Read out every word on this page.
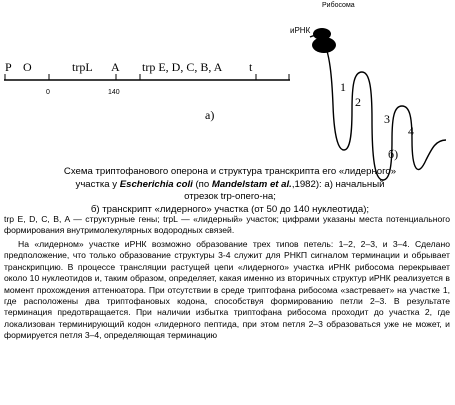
P O	trpL A trp E, D, C, B, A t
0	140
а)
Рибосома
иРНК
1
2
3
4
б)
Схема триптофанового оперона и структура транскрипта его «лидерного»
участка у Escherichia coli (по Mandelstam et al.,1982): а) начальный отрезок trp-опero-на;
б) транскрипт «лидерного» участка (от 50 до 140 нуклеотида);
trp E, D, C, B, A — структурные гены; trpL — «лидерный» участок; цифрами указаны места потенциального формирования внутримолекулярных водородных связей.
На «лидерном» участке иРНК возможно образование трех типов петель: 1–2, 2–3, и 3–4. Сделано предположение, что только образование структуры 3-4 служит для РНКП сигналом терминации и обрывает транскрипцию. В процессе трансляции растущей цепи «лидерного» участка иРНК рибосома перекрывает около 10 нуклеотидов и, таким образом, определяет, какая именно из вторичных структур иРНК реализуется в момент прохождения аттенюатора. При отсутствии в среде триптофана рибосома «застревает» на участке 1, где расположены два триптофановых кодона, способствуя формированию петли 2–3. В результате терминация предотвращается. При наличии избытка триптофана рибосома проходит до участка 2, где локализован терминирующий кодон «лидерного пептида, при этом петля 2–3 образоваться уже не может, и формируется петля 3–4, определяющая терминацию
